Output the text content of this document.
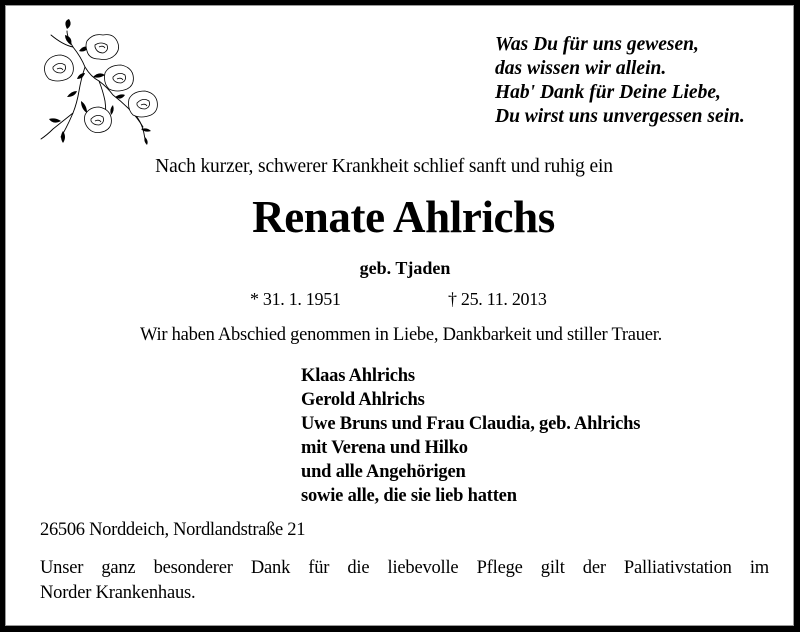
Was Du für uns gewesen,
das wissen wir allein.
Hab' Dank für Deine Liebe,
Du wirst uns unvergessen sein.
Nach kurzer, schwerer Krankheit schlief sanft und ruhig ein
Renate Ahlrichs
geb. Tjaden
* 31. 1. 1951	† 25. 11. 2013
Wir haben Abschied genommen in Liebe, Dankbarkeit und stiller Trauer.
Klaas Ahlrichs
Gerold Ahlrichs
Uwe Bruns und Frau Claudia, geb. Ahlrichs
mit Verena und Hilko
und alle Angehörigen
sowie alle, die sie lieb hatten
26506 Norddeich, Nordlandstraße 21
Unser ganz besonderer Dank für die liebevolle Pflege gilt der Palliativstation im
Norder Krankenhaus.
